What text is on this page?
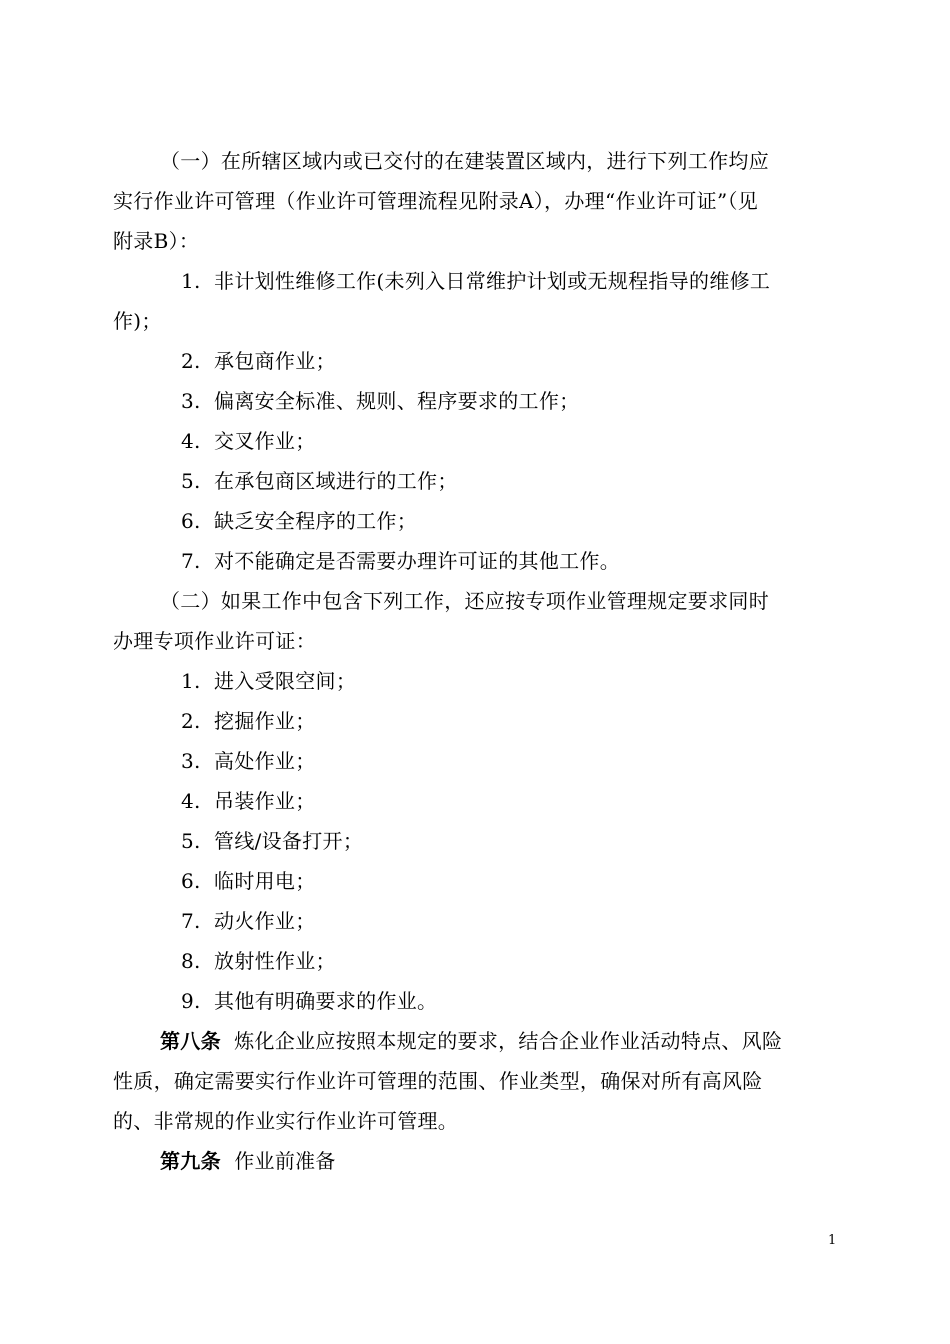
（一）在所辖区域内或已交付的在建装置区域内，进行下列工作均应
实行作业许可管理（作业许可管理流程见附录A），办理“作业许可证”（见
附录B）：
1. 非计划性维修工作(未列入日常维护计划或无规程指导的维修工
作)；
2. 承包商作业；
3. 偏离安全标准、规则、程序要求的工作；
4. 交叉作业；
5. 在承包商区域进行的工作；
6. 缺乏安全程序的工作；
7. 对不能确定是否需要办理许可证的其他工作。
（二）如果工作中包含下列工作，还应按专项作业管理规定要求同时
办理专项作业许可证：
1. 进入受限空间；
2. 挖掘作业；
3. 高处作业；
4. 吊装作业；
5. 管线/设备打开；
6. 临时用电；
7. 动火作业；
8. 放射性作业；
9. 其他有明确要求的作业。
第八条 炼化企业应按照本规定的要求，结合企业作业活动特点、风险
性质，确定需要实行作业许可管理的范围、作业类型，确保对所有高风险
的、非常规的作业实行作业许可管理。
第九条 作业前准备
1
